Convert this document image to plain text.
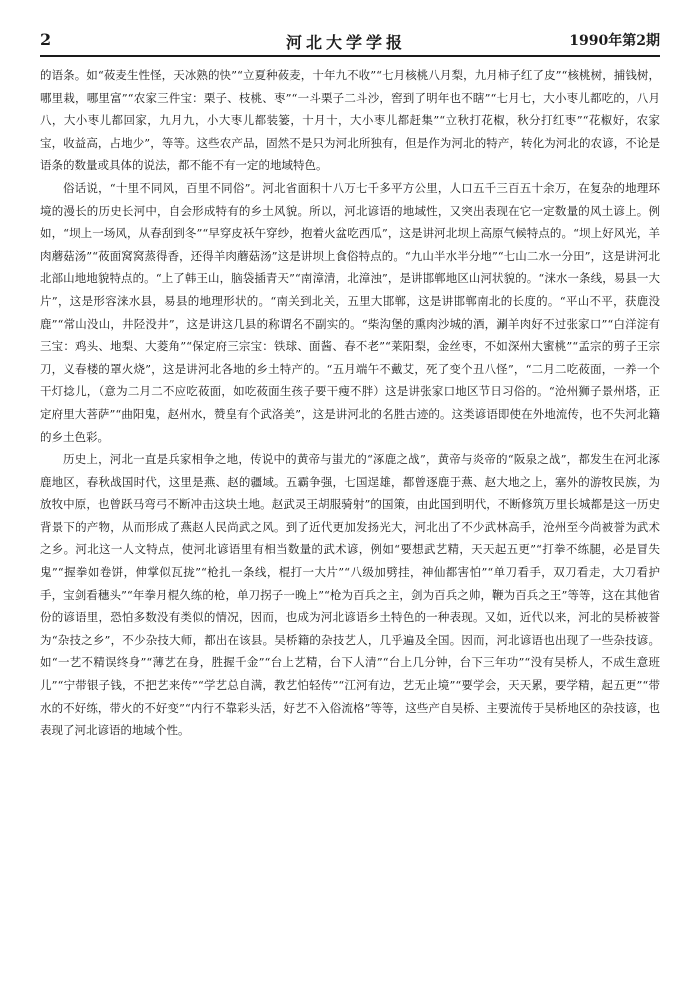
2	河北大学学报	1990年第2期

的语条。如“莜麦生性怪，天冰熟的快”“立夏种莜麦，十年九不收”“七月核桃八月梨，九月柿子红了皮”“核桃树，捕钱树，哪里栽，哪里富”“农家三件宝：栗子、枝桃、枣”“一斗栗子二斗沙，窖到了明年也不瞎”“七月七，大小枣儿都吃的，八月八，大小枣儿都回家，九月九，小大枣儿都装篓，十月十，大小枣儿都赶集”“立秋打花椒，秋分打红枣”“花椒好，农家宝，收益高，占地少”，等等。这些农产品，固然不是只为河北所独有，但是作为河北的特产，转化为河北的农谚，不论是语条的数量或具体的说法，都不能不有一定的地域特色。

俗话说，“十里不同风，百里不同俗”。河北省面积十八万七千多平方公里，人口五千三百五十余万，在复杂的地理环境的漫长的历史长河中，自会形成特有的乡土风貌。所以，河北谚语的地域性，又突出表现在它一定数量的风土谚上。例如，“坝上一场风，从春刮到冬”“早穿皮袄午穿纱，抱着火盆吃西瓜”，这是讲河北坝上高原气候特点的。“坝上好风光，羊肉蘑菇汤”“莜面窝窝蒸得香，还得羊肉蘑菇汤”这是讲坝上食俗特点的。“九山半水半分地”“七山二水一分田”，这是讲河北北部山地地貌特点的。“上了韩王山，脑袋插青天”“南漳清，北漳浊”，是讲邯郸地区山河状貌的。“涞水一条线，易县一大片”，这是形容涞水县，易县的地理形状的。“南关到北关，五里大邯郸，这是讲邯郸南北的长度的。“平山不平，获鹿没鹿”“常山没山，井陉没井”，这是讲这几县的称谓名不副实的。“柴沟堡的熏肉沙城的酒，涮羊肉好不过张家口”“白洋淀有三宝：鸡头、地梨、大菱角”“保定府三宗宝：铁球、面酱、春不老”“莱阳梨，金丝枣，不如深州大蜜桃”“孟宗的剪子王宗刀，义春楼的罩火烧”，这是讲河北各地的乡土特产的。“五月端午不戴艾，死了变个丑八怪”，“二月二吃莜面，一养一个干灯捻儿，（意为二月二不应吃莜面，如吃莜面生孩子要干瘦不胖）这是讲张家口地区节日习俗的。“沧州狮子景州塔，正定府里大菩萨”“曲阳鬼，赵州水，赞皇有个武洛美”，这是讲河北的名胜古迹的。这类谚语即使在外地流传，也不失河北籍的乡土色彩。

历史上，河北一直是兵家相争之地，传说中的黄帝与蚩尤的“涿鹿之战”，黄帝与炎帝的“阪泉之战”，都发生在河北涿鹿地区，春秋战国时代，这里是燕、赵的疆域。五霸争强，七国逞雄，都曾逐鹿于燕、赵大地之上，塞外的游牧民族，为放牧中原，也曾跃马弯弓不断冲击这块土地。赵武灵王胡服骑射”的国策，由此国到明代，不断修筑万里长城都是这一历史背景下的产物，从而形成了燕赵人民尚武之风。到了近代更加发扬光大，河北出了不少武林高手，沧州至今尚被誉为武术之乡。河北这一人文特点，使河北谚语里有相当数量的武术谚，例如“要想武艺精，天天起五更”“打拳不练腿，必是冒失鬼”“握拳如卷饼，伸掌似瓦拢”“枪扎一条线，棍打一大片”“八级加劈挂，神仙都害怕”“单刀看手，双刀看走，大刀看护手，宝剑看穗头”“年拳月棍久练的枪，单刀拐子一晚上”“枪为百兵之主，剑为百兵之帅，鞭为百兵之王”等等，这在其他省份的谚语里，恐怕多数没有类似的情况，因而，也成为河北谚语乡土特色的一种表现。又如，近代以来，河北的吴桥被誉为“杂技之乡”，不少杂技大师，都出在该县。吴桥籍的杂技艺人，几乎遍及全国。因而，河北谚语也出现了一些杂技谚。如“一艺不精误终身”“薄艺在身，胜握千金”“台上艺精，台下人清”“台上几分钟，台下三年功”“没有吴桥人，不成生意班儿”“宁带银子钱，不把艺来传”“学艺总自满，教艺怕轻传”“江河有边，艺无止境”“要学会，天天累，要学精，起五更”“带水的不好练，带火的不好变”“内行不靠彩头活，好艺不入俗流格”等等，这些产自吴桥、主要流传于吴桥地区的杂技谚，也表现了河北谚语的地域个性。
